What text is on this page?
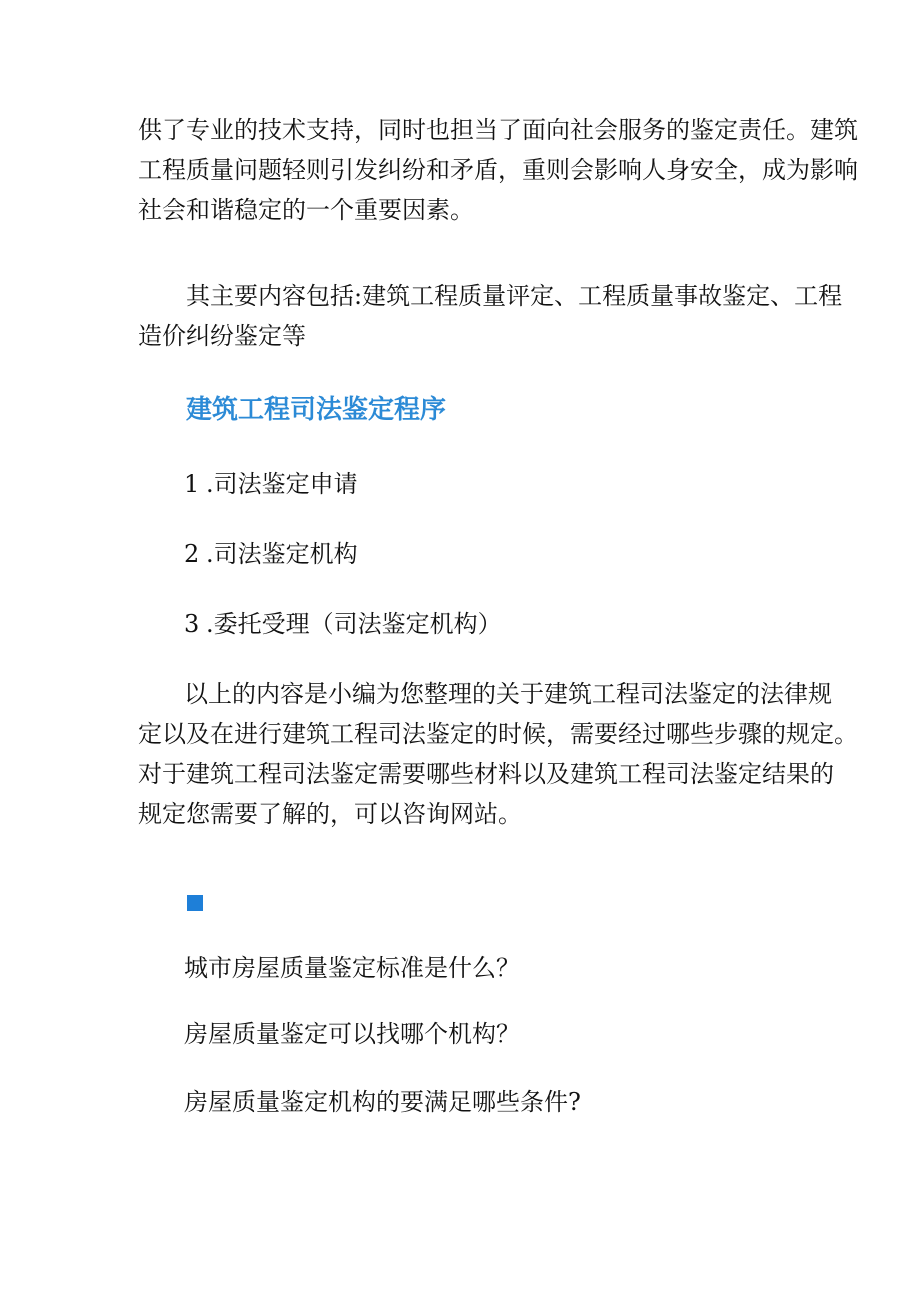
供了专业的技术支持，同时也担当了面向社会服务的鉴定责任。建筑
工程质量问题轻则引发纠纷和矛盾，重则会影响人身安全，成为影响
社会和谐稳定的一个重要因素。
其主要内容包括:建筑工程质量评定、工程质量事故鉴定、工程
造价纠纷鉴定等
建筑工程司法鉴定程序

1 .司法鉴定申请

2 .司法鉴定机构

3 .委托受理（司法鉴定机构）

以上的内容是小编为您整理的关于建筑工程司法鉴定的法律规
定以及在进行建筑工程司法鉴定的时候，需要经过哪些步骤的规定。
对于建筑工程司法鉴定需要哪些材料以及建筑工程司法鉴定结果的
规定您需要了解的，可以咨询网站。

城市房屋质量鉴定标准是什么？

房屋质量鉴定可以找哪个机构？

房屋质量鉴定机构的要满足哪些条件?
